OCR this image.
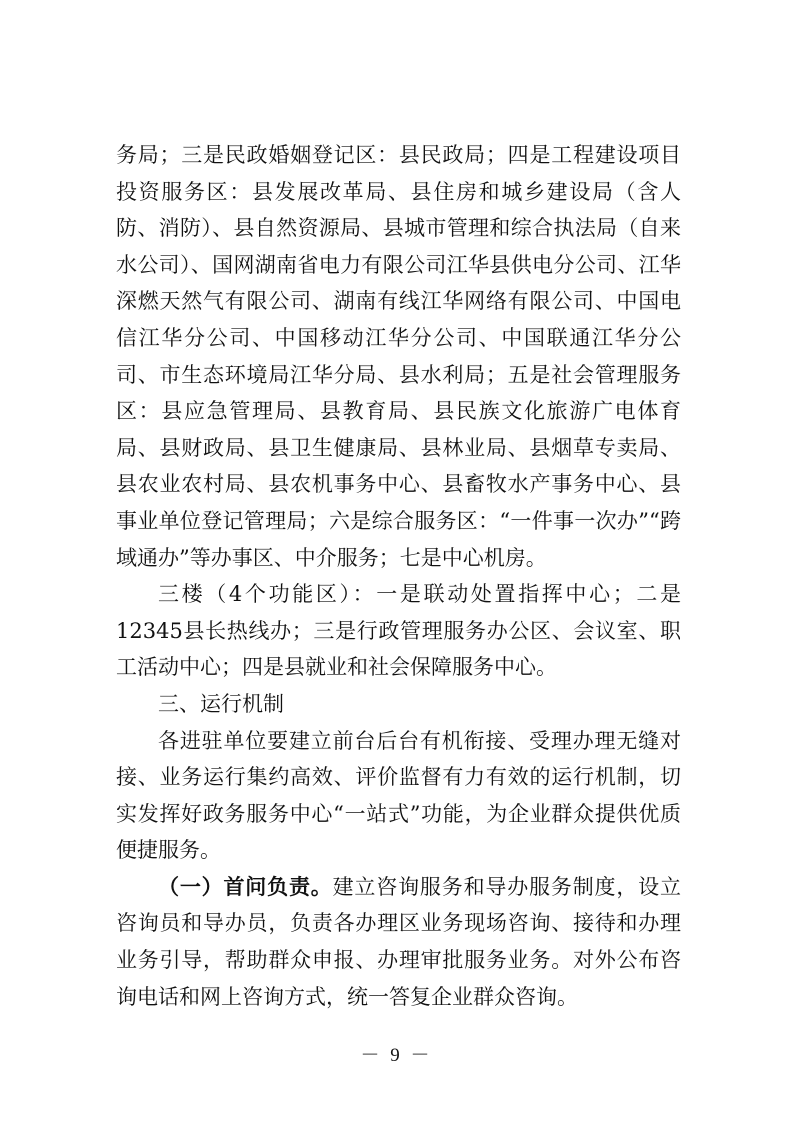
务局；三是民政婚姻登记区：县民政局；四是工程建设项目投资服务区：县发展改革局、县住房和城乡建设局（含人防、消防）、县自然资源局、县城市管理和综合执法局（自来水公司）、国网湖南省电力有限公司江华县供电分公司、江华深燃天然气有限公司、湖南有线江华网络有限公司、中国电信江华分公司、中国移动江华分公司、中国联通江华分公司、市生态环境局江华分局、县水利局；五是社会管理服务区：县应急管理局、县教育局、县民族文化旅游广电体育局、县财政局、县卫生健康局、县林业局、县烟草专卖局、县农业农村局、县农机事务中心、县畜牧水产事务中心、县事业单位登记管理局；六是综合服务区：“一件事一次办”“跨域通办”等办事区、中介服务；七是中心机房。

三楼（4个功能区）：一是联动处置指挥中心；二是12345县长热线办；三是行政管理服务办公区、会议室、职工活动中心；四是县就业和社会保障服务中心。

三、运行机制

各进驻单位要建立前台后台有机衔接、受理办理无缝对接、业务运行集约高效、评价监督有力有效的运行机制，切实发挥好政务服务中心“一站式”功能，为企业群众提供优质便捷服务。

（一）首问负责。建立咨询服务和导办服务制度，设立咨询员和导办员，负责各办理区业务现场咨询、接待和办理业务引导，帮助群众申报、办理审批服务业务。对外公布咨询电话和网上咨询方式，统一答复企业群众咨询。

－ 9 －
